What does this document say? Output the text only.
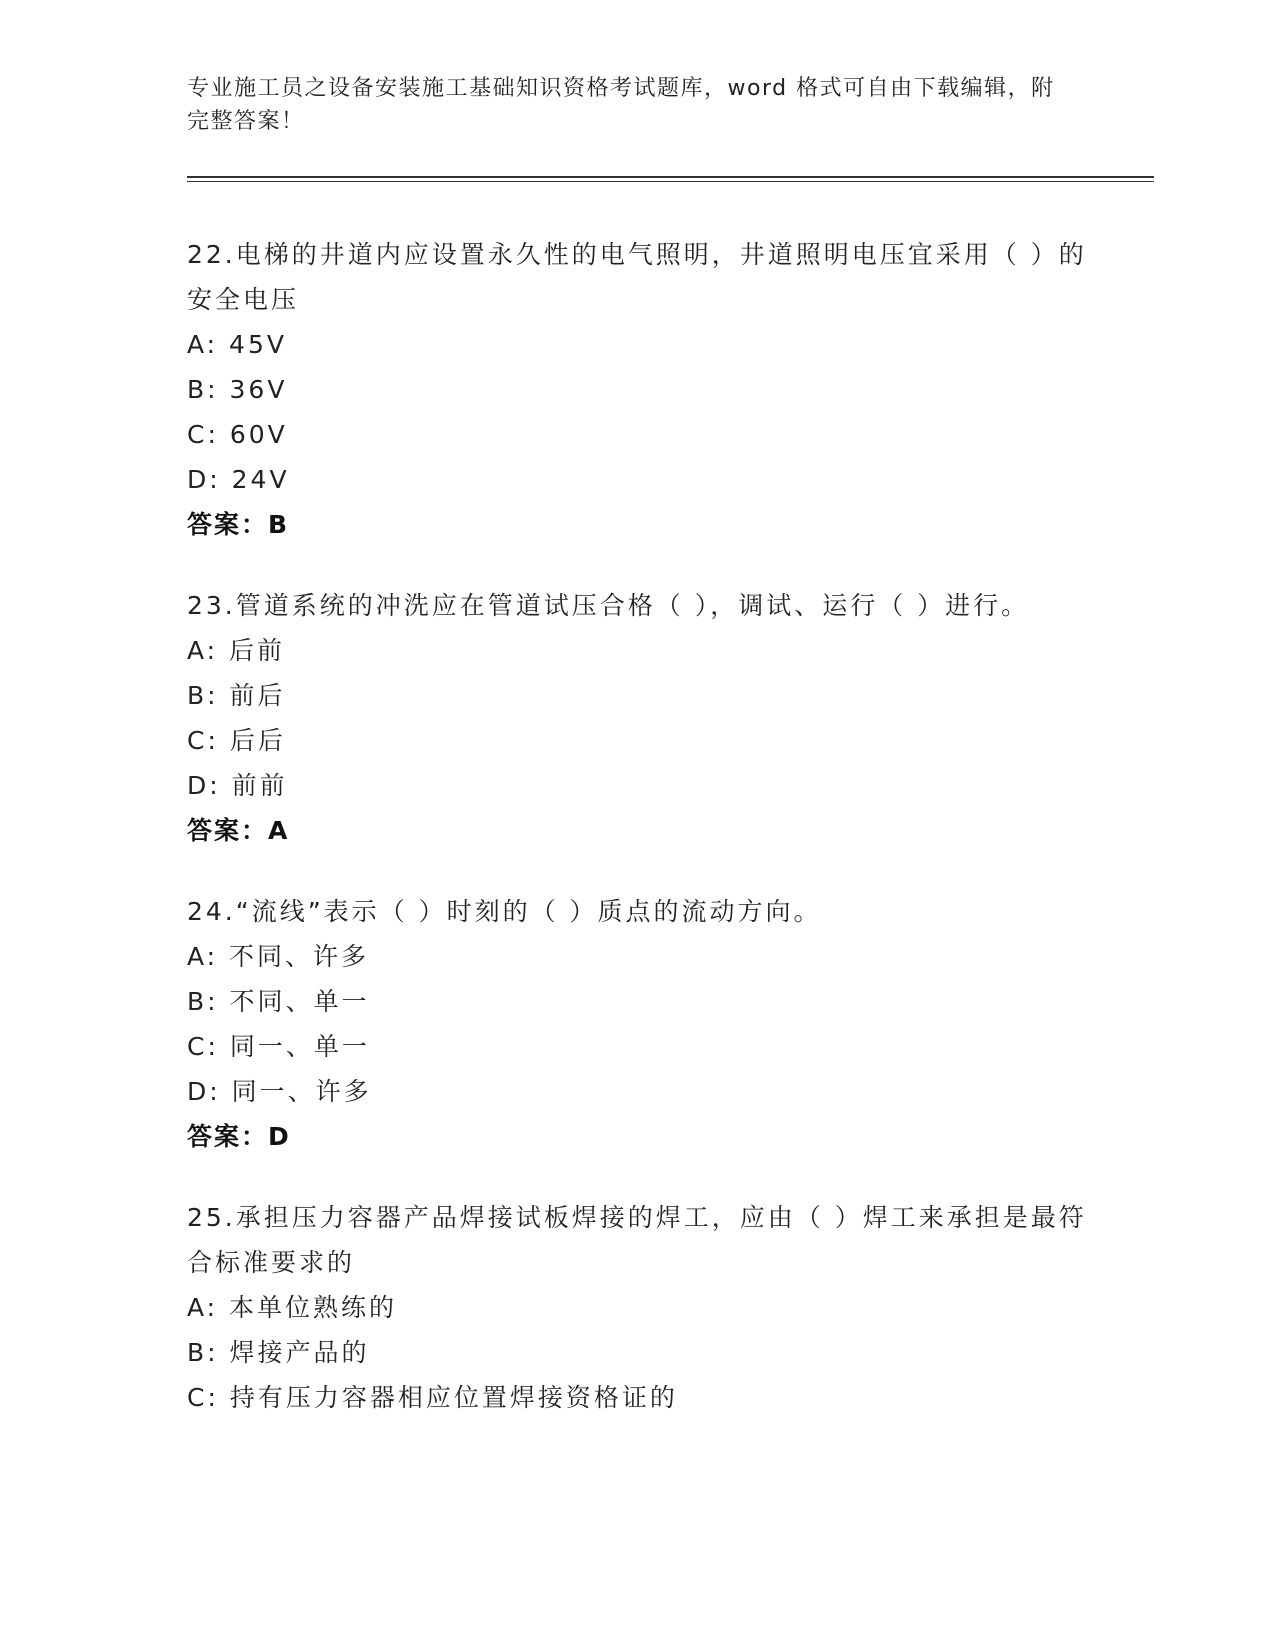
专业施工员之设备安装施工基础知识资格考试题库，word 格式可自由下载编辑，附完整答案！
22.电梯的井道内应设置永久性的电气照明，井道照明电压宜采用（ ）的安全电压
A: 45V
B: 36V
C: 60V
D: 24V
答案：B
23.管道系统的冲洗应在管道试压合格（ ），调试、运行（ ）进行。
A: 后前
B: 前后
C: 后后
D: 前前
答案：A
24.“流线”表示（ ）时刻的（ ）质点的流动方向。
A: 不同、许多
B: 不同、单一
C: 同一、单一
D: 同一、许多
答案：D
25.承担压力容器产品焊接试板焊接的焊工，应由（ ）焊工来承担是最符合标准要求的
A: 本单位熟练的
B: 焊接产品的
C: 持有压力容器相应位置焊接资格证的
